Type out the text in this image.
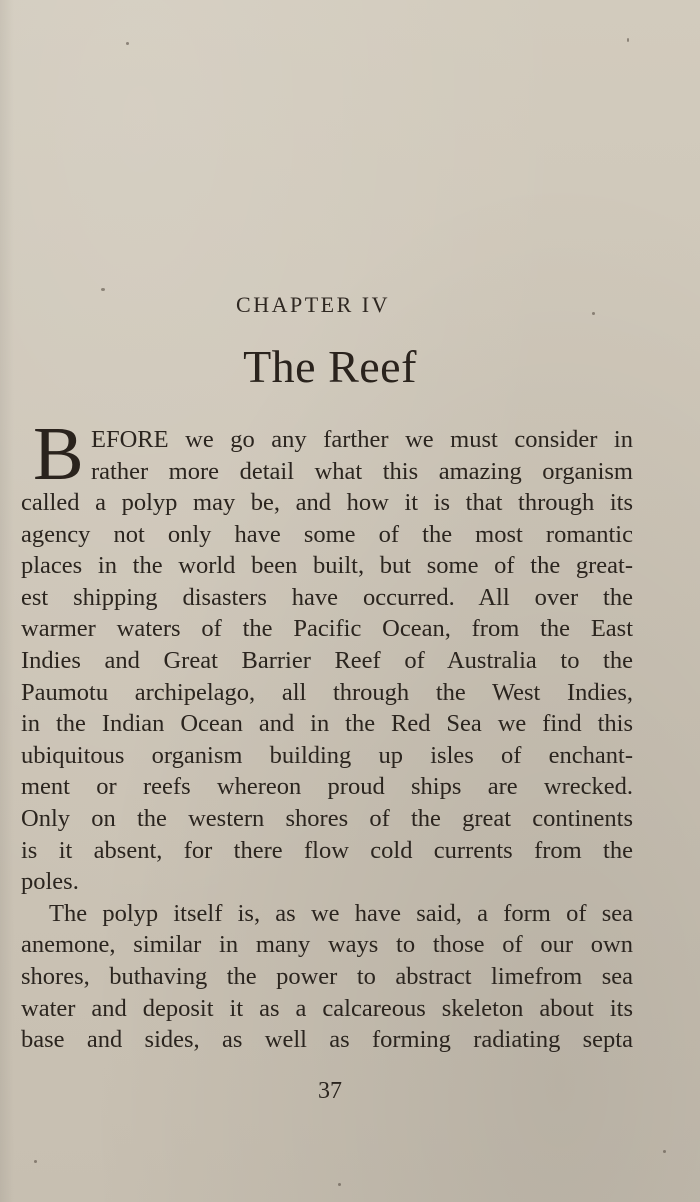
CHAPTER IV
The Reef
B EFORE we go any farther we must consider in
rather more detail what this amazing organism
called a polyp may be, and how it is that through its
agency not only have some of the most romantic
places in the world been built, but some of the great-
est shipping disasters have occurred. All over the
warmer waters of the Pacific Ocean, from the East
Indies and Great Barrier Reef of Australia to the
Paumotu archipelago, all through the West Indies,
in the Indian Ocean and in the Red Sea we find this
ubiquitous organism building up isles of enchant-
ment or reefs whereon proud ships are wrecked.
Only on the western shores of the great continents
is it absent, for there flow cold currents from the
poles.
The polyp itself is, as we have said, a form of sea
anemone, similar in many ways to those of our own
shores, buthaving the power to abstract limefrom sea
water and deposit it as a calcareous skeleton about its
base and sides, as well as forming radiating septa
37
